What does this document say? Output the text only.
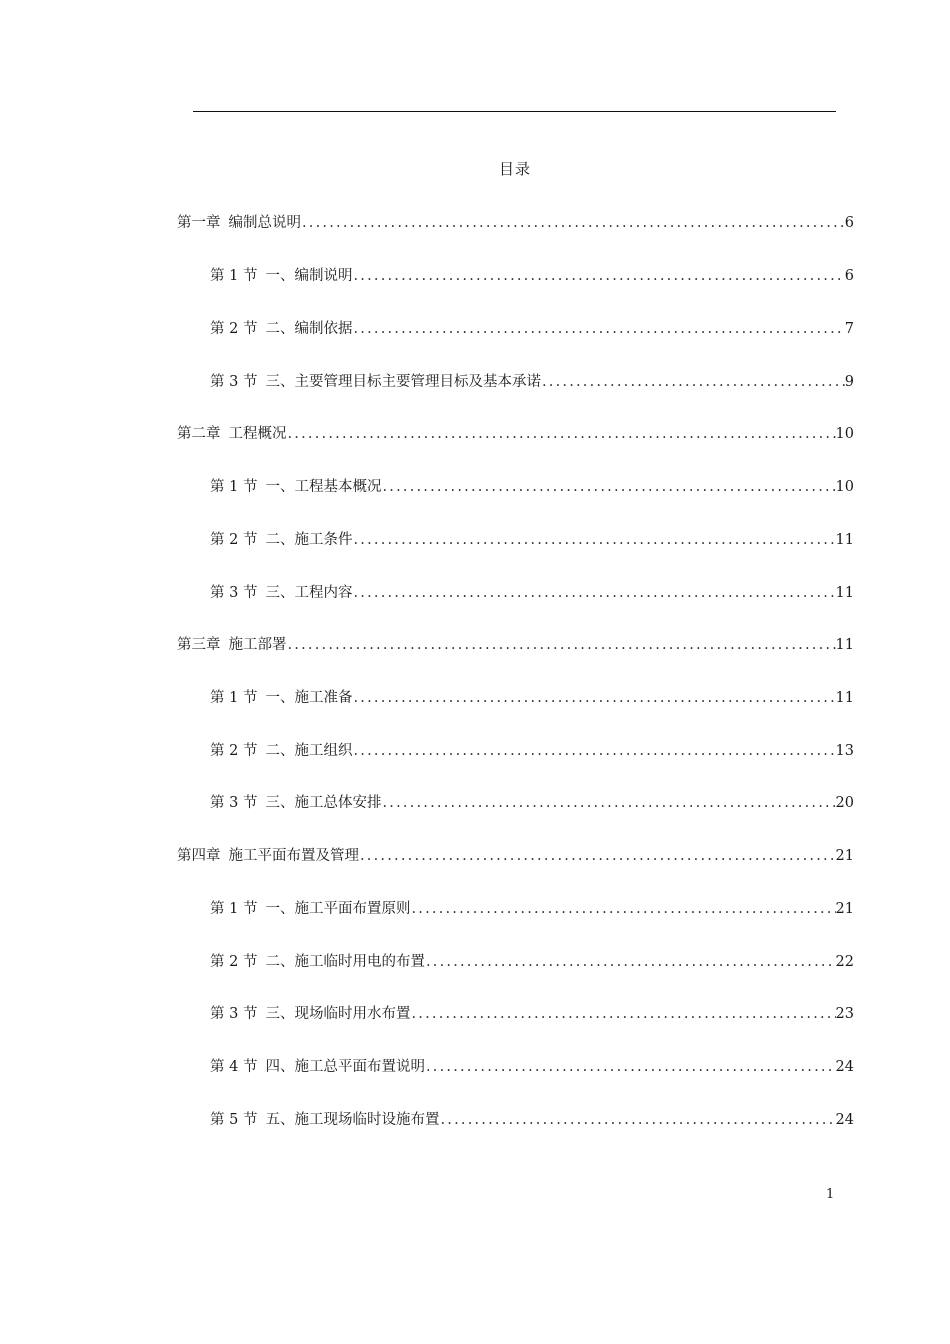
目录
第一章 编制总说明 .....	6
第 1 节 一、编制说明 .....	6
第 2 节 二、编制依据 .....	7
第 3 节 三、主要管理目标主要管理目标及基本承诺 .....	9
第二章 工程概况 .....	10
第 1 节 一、工程基本概况 .....	10
第 2 节 二、施工条件 .....	11
第 3 节 三、工程内容 .....	11
第三章 施工部署 .....	11
第 1 节 一、施工准备 .....	11
第 2 节 二、施工组织 .....	13
第 3 节 三、施工总体安排 .....	20
第四章 施工平面布置及管理 .....	21
第 1 节 一、施工平面布置原则 .....	21
第 2 节 二、施工临时用电的布置 .....	22
第 3 节 三、现场临时用水布置 .....	23
第 4 节 四、施工总平面布置说明 .....	24
第 5 节 五、施工现场临时设施布置 .....	24
1
